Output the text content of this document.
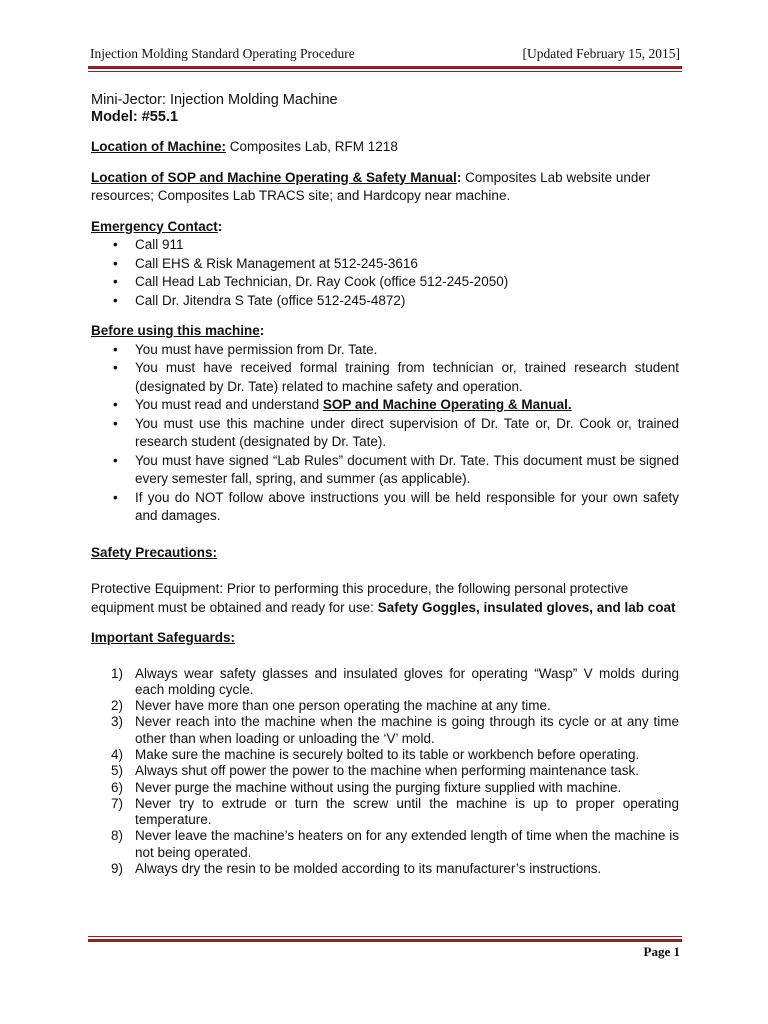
Injection Molding Standard Operating Procedure	[Updated February 15, 2015]

Mini-Jector: Injection Molding Machine

Model: #55.1

Location of Machine: Composites Lab, RFM 1218

Location of SOP and Machine Operating & Safety Manual: Composites Lab website under resources; Composites Lab TRACS site; and Hardcopy near machine.

Emergency Contact:

• Call 911
• Call EHS & Risk Management at 512-245-3616
• Call Head Lab Technician, Dr. Ray Cook (office 512-245-2050)
• Call Dr. Jitendra S Tate (office 512-245-4872)

Before using this machine:

• You must have permission from Dr. Tate.
• You must have received formal training from technician or, trained research student (designated by Dr. Tate) related to machine safety and operation.
• You must read and understand SOP and Machine Operating & Manual.
• You must use this machine under direct supervision of Dr. Tate or, Dr. Cook or, trained research student (designated by Dr. Tate).
• You must have signed “Lab Rules” document with Dr. Tate. This document must be signed every semester fall, spring, and summer (as applicable).
• If you do NOT follow above instructions you will be held responsible for your own safety and damages.

Safety Precautions:

Protective Equipment: Prior to performing this procedure, the following personal protective equipment must be obtained and ready for use: Safety Goggles, insulated gloves, and lab coat

Important Safeguards:

1) Always wear safety glasses and insulated gloves for operating “Wasp” V molds during each molding cycle.
2) Never have more than one person operating the machine at any time.
3) Never reach into the machine when the machine is going through its cycle or at any time other than when loading or unloading the ‘V’ mold.
4) Make sure the machine is securely bolted to its table or workbench before operating.
5) Always shut off power the power to the machine when performing maintenance task.
6) Never purge the machine without using the purging fixture supplied with machine.
7) Never try to extrude or turn the screw until the machine is up to proper operating temperature.
8) Never leave the machine’s heaters on for any extended length of time when the machine is not being operated.
9) Always dry the resin to be molded according to its manufacturer’s instructions.
Page 1
